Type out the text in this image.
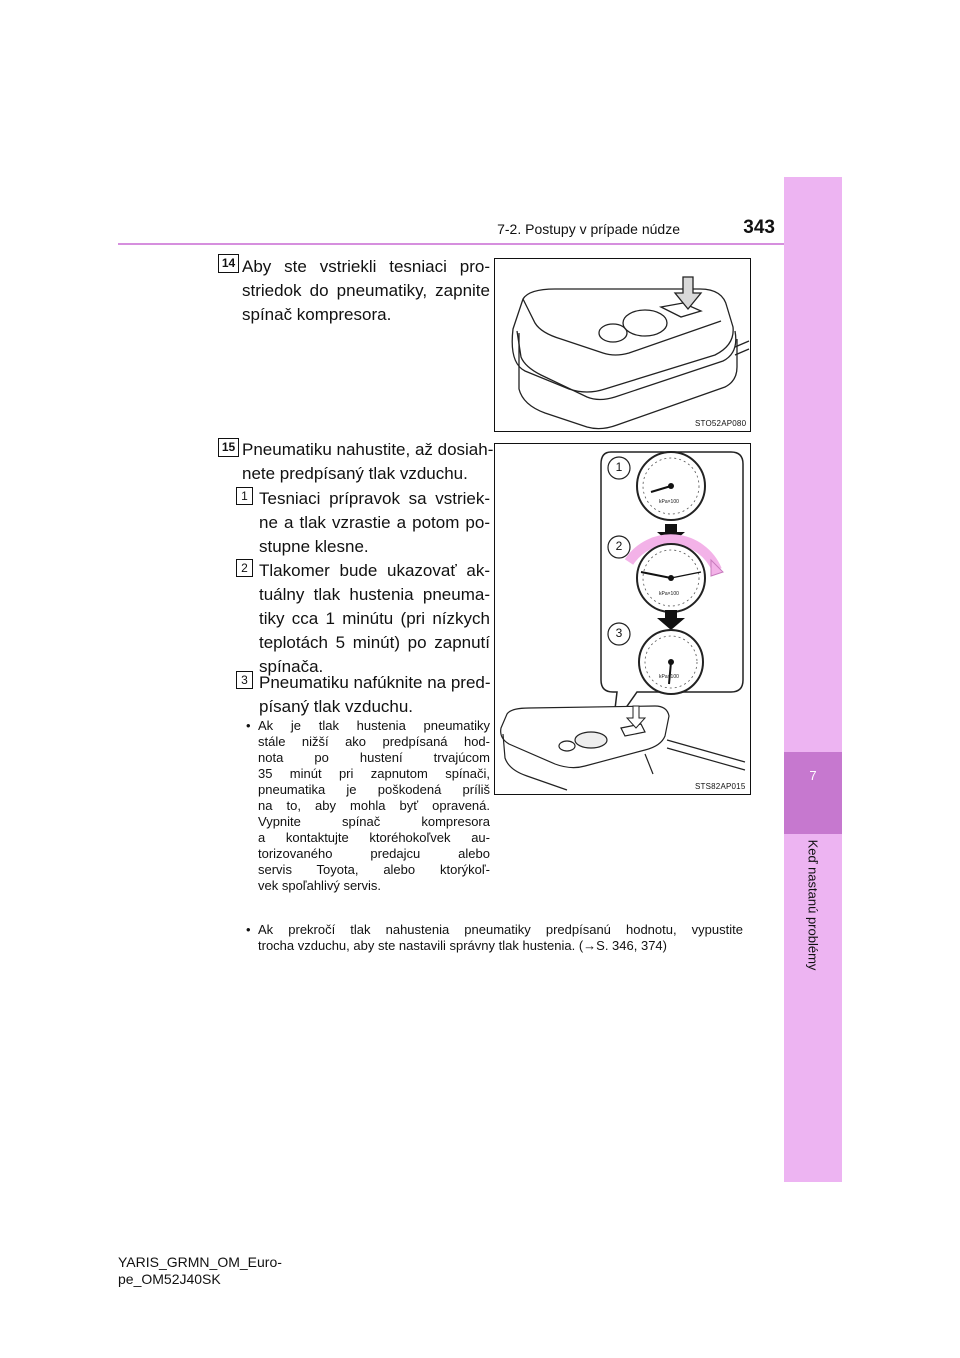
7
Keď nastanú problémy
7-2. Postupy v prípade núdze	343
14 Aby ste vstriekli tesniaci pro-
striedok do pneumatiky, zapnite
spínač kompresora.
STO52AP080
15 Pneumatiku nahustite, až dosiah-
nete predpísaný tlak vzduchu.
1 Tesniaci prípravok sa vstriek-
ne a tlak vzrastie a potom po-
stupne klesne.
2 Tlakomer bude ukazovať ak-
tuálny tlak hustenia pneuma-
tiky cca 1 minútu (pri nízkych
teplotách 5 minút) po zapnutí
spínača.
3 Pneumatiku nafúknite na pred-
písaný tlak vzduchu.
• Ak je tlak hustenia pneumatiky
stále nižší ako predpísaná hod-
nota po hustení trvajúcom
35 minút pri zapnutom spínači,
pneumatika je poškodená príliš
na to, aby mohla byť opravená.
Vypnite spínač kompresora
a kontaktujte ktoréhokoľvek au-
torizovaného predajcu alebo
servis Toyota, alebo ktorýkoľ-
vek spoľahlivý servis.
• Ak prekročí tlak nahustenia pneumatiky predpísanú hodnotu, vypustite
trocha vzduchu, aby ste nastavili správny tlak hustenia. (→S. 346, 374)
1
2
3
kPa×100
kPa×100
kPa×100
STS82AP015
YARIS_GRMN_OM_Euro-
pe_OM52J40SK
